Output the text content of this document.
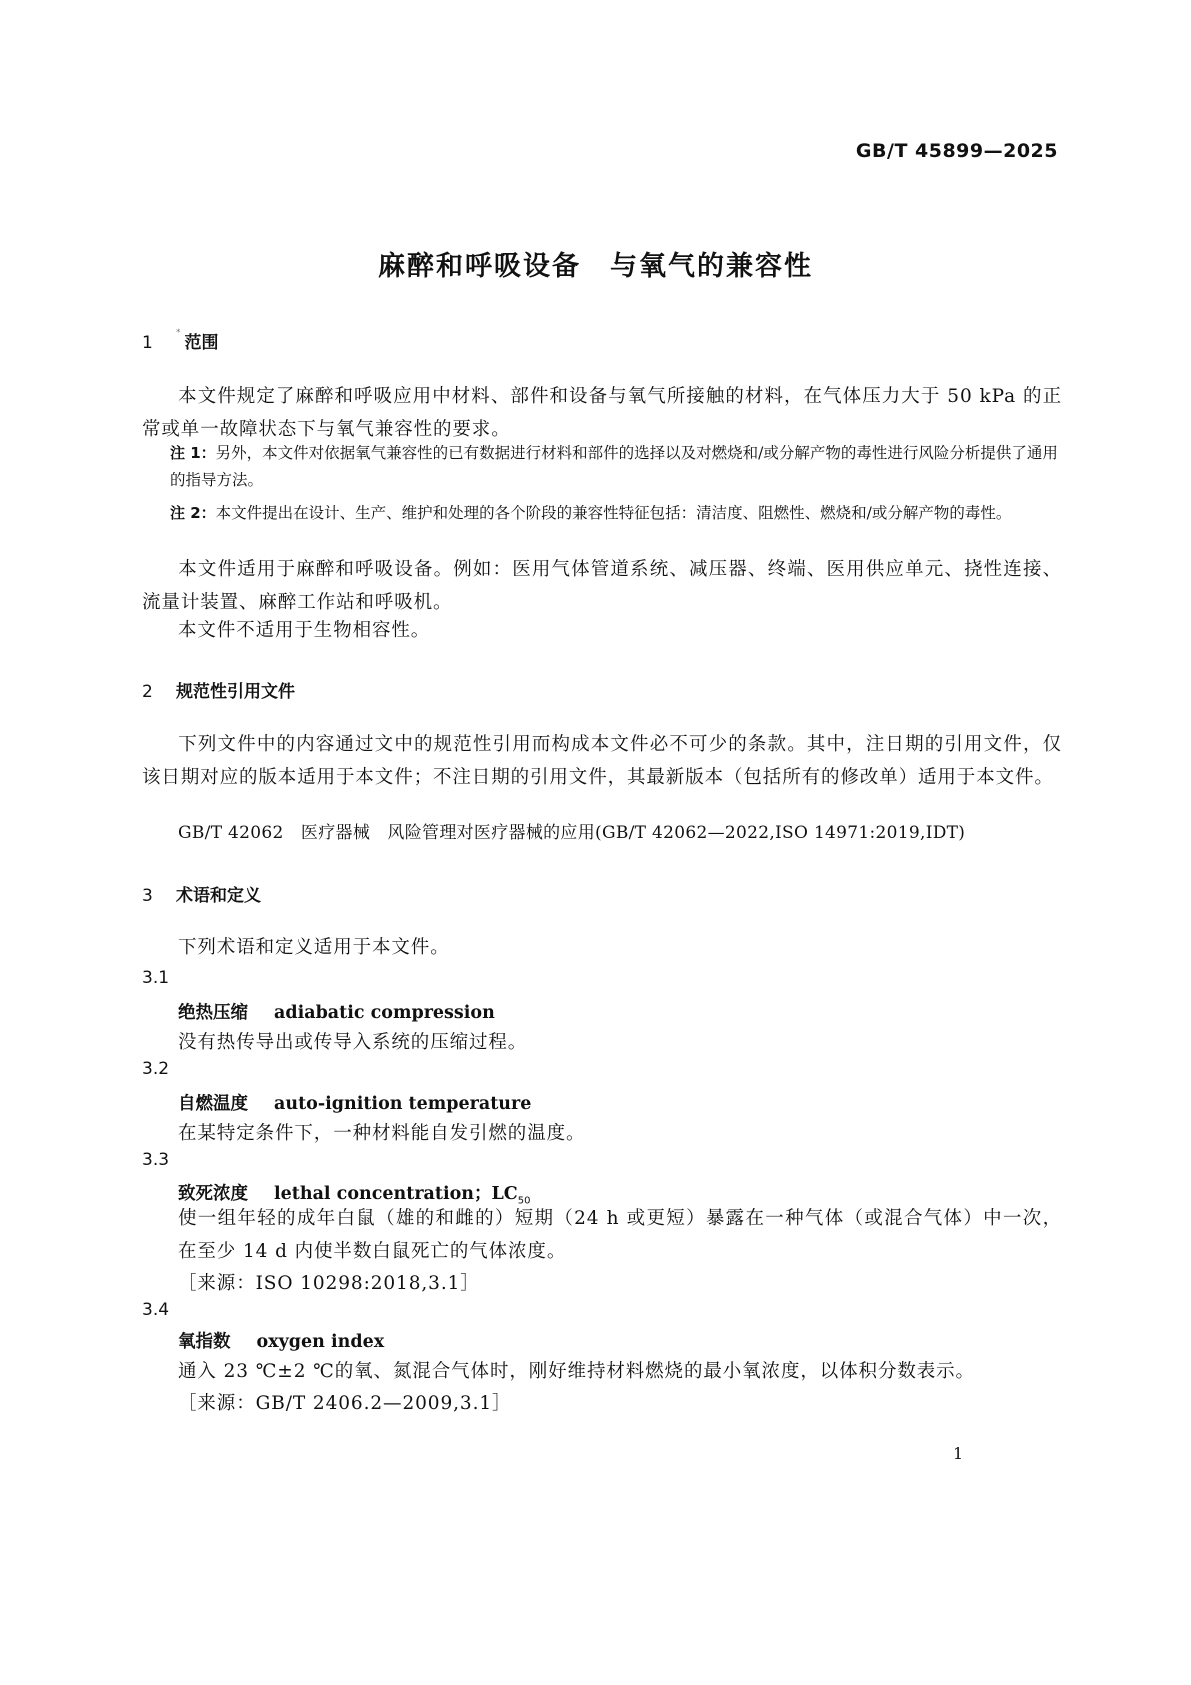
GB/T 45899—2025
麻醉和呼吸设备　与氧气的兼容性
1	* 范围
本文件规定了麻醉和呼吸应用中材料、部件和设备与氧气所接触的材料，在气体压力大于 50 kPa 的正常或单一故障状态下与氧气兼容性的要求。
注 1：另外，本文件对依据氧气兼容性的已有数据进行材料和部件的选择以及对燃烧和/或分解产物的毒性进行风险分析提供了通用的指导方法。
注 2：本文件提出在设计、生产、维护和处理的各个阶段的兼容性特征包括：清洁度、阻燃性、燃烧和/或分解产物的毒性。
本文件适用于麻醉和呼吸设备。例如：医用气体管道系统、减压器、终端、医用供应单元、挠性连接、流量计装置、麻醉工作站和呼吸机。
本文件不适用于生物相容性。
2 规范性引用文件
下列文件中的内容通过文中的规范性引用而构成本文件必不可少的条款。其中，注日期的引用文件，仅该日期对应的版本适用于本文件；不注日期的引用文件，其最新版本（包括所有的修改单）适用于本文件。
GB/T 42062　医疗器械　风险管理对医疗器械的应用(GB/T 42062—2022,ISO 14971:2019,IDT)
3 术语和定义
下列术语和定义适用于本文件。
3.1
绝热压缩 adiabatic compression
没有热传导出或传导入系统的压缩过程。
3.2
自燃温度 auto-ignition temperature
在某特定条件下，一种材料能自发引燃的温度。
3.3
致死浓度 lethal concentration；$LC_{50}$
使一组年轻的成年白鼠（雄的和雌的）短期（24 h 或更短）暴露在一种气体（或混合气体）中一次，在至少 14 d 内使半数白鼠死亡的气体浓度。
［来源：ISO 10298:2018,3.1］
3.4
氧指数 oxygen index
通入 23 ℃±2 ℃的氧、氮混合气体时，刚好维持材料燃烧的最小氧浓度，以体积分数表示。
［来源：GB/T 2406.2—2009,3.1］
1
